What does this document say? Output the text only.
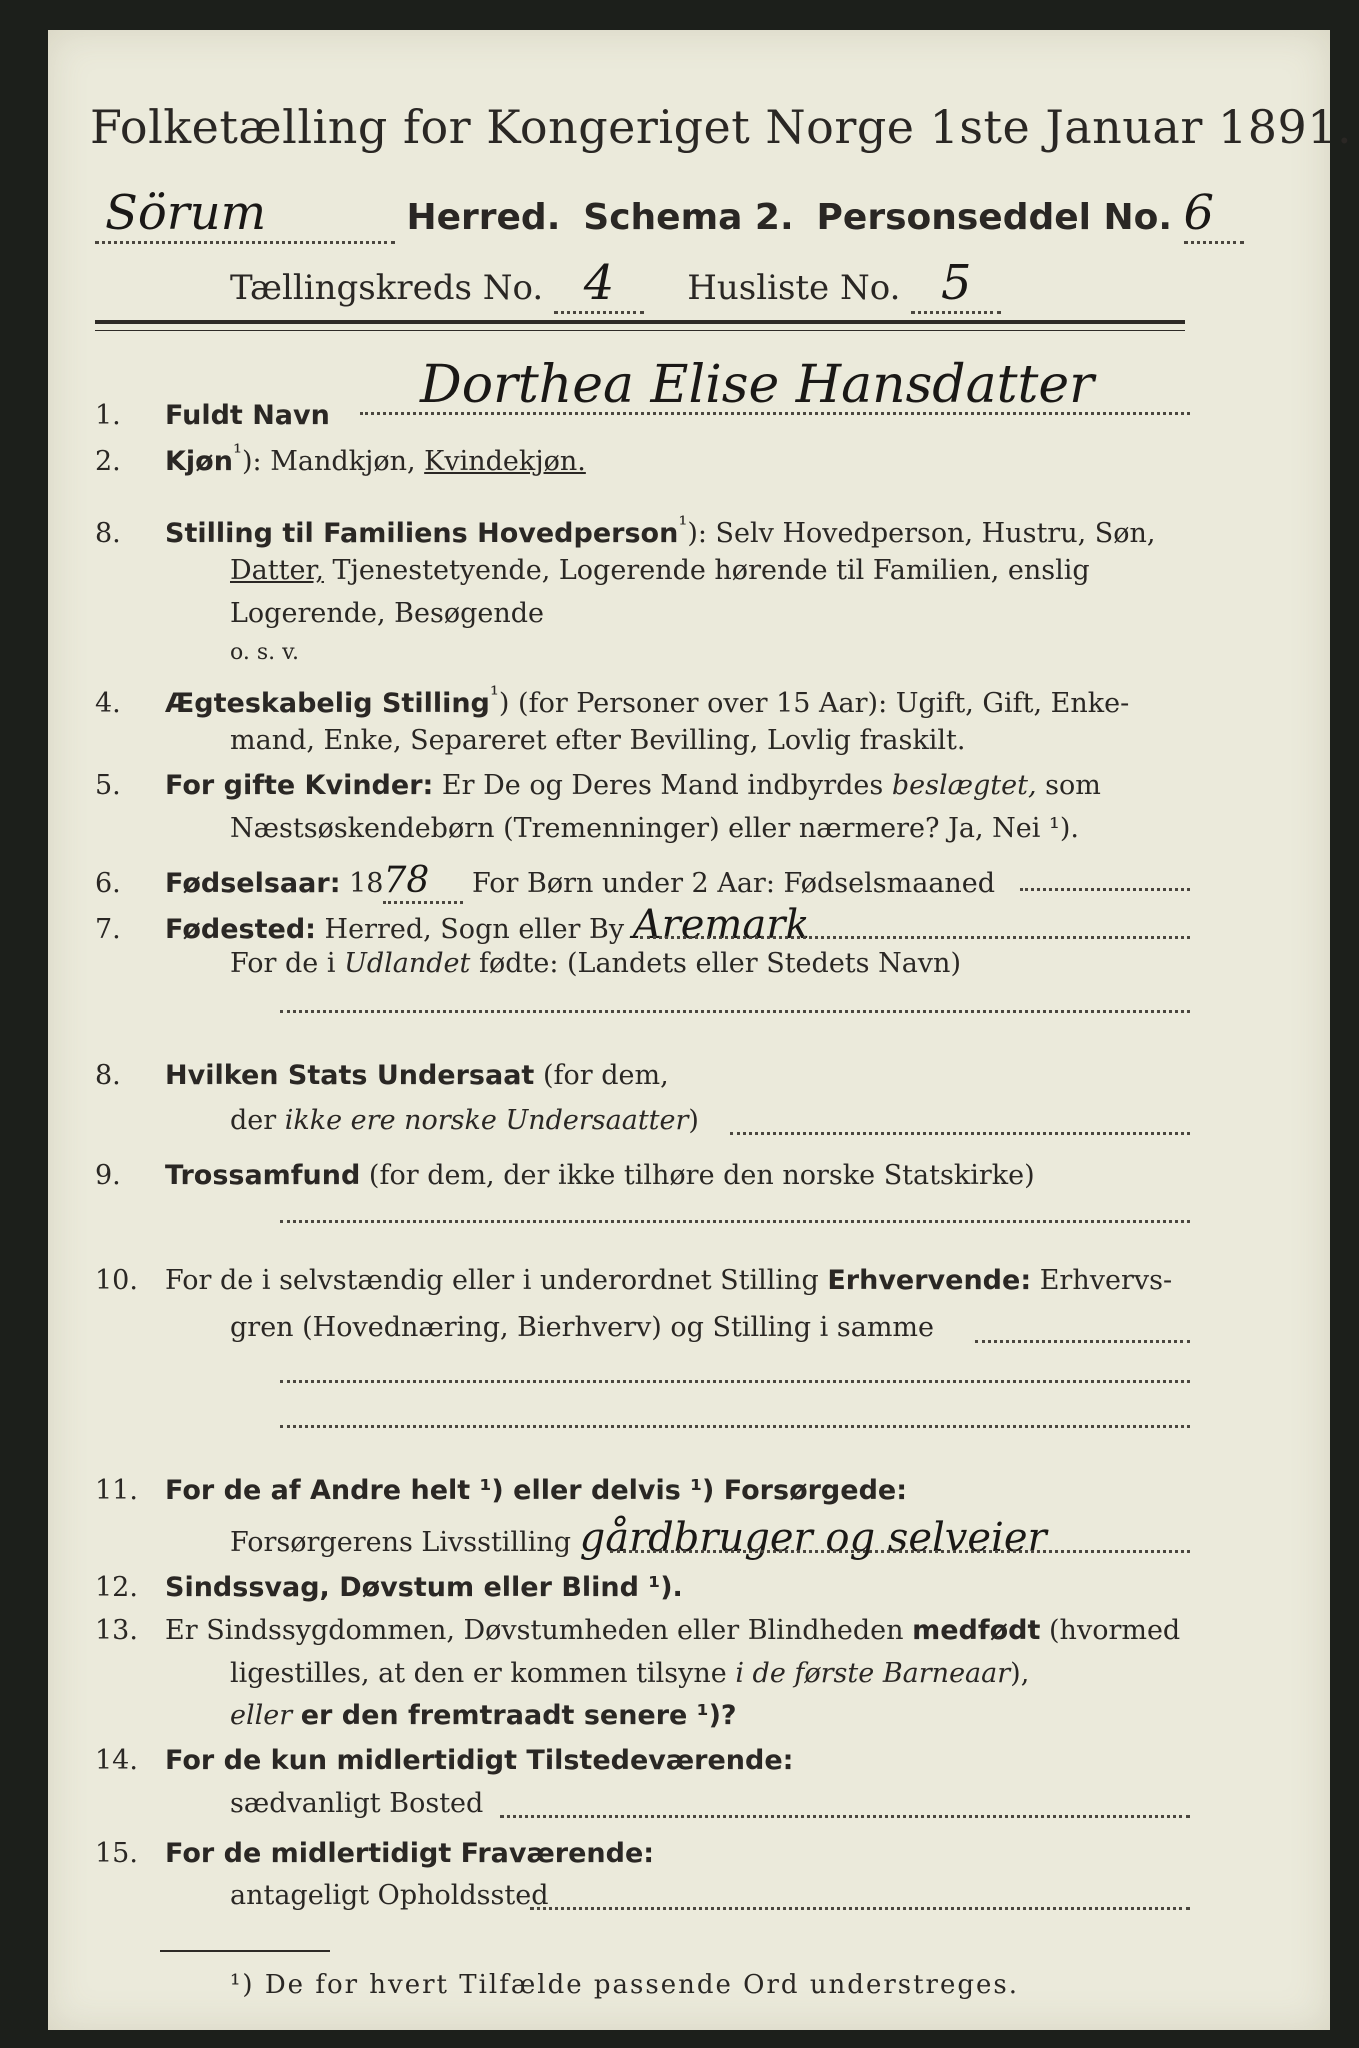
Folketælling for Kongeriget Norge 1ste Januar 1891.
Sörum	Herred. Schema 2. Personseddel No. 6
Tællingskreds No. 4 Husliste No. 5
1. Fuldt Navn
Dorthea Elise Hansdatter
2. Kjøn$^{^1}$): Mandkjøn, Kvindekjøn.
8. Stilling til Familiens Hovedperson$^{^1}$): Selv Hovedperson, Hustru, Søn,
Datter, Tjenestetyende, Logerende hørende til Familien, enslig
Logerende, Besøgende
o. s. v.
4. Ægteskabelig Stilling$^{^1}$) (for Personer over 15 Aar): Ugift, Gift, Enke-
mand, Enke, Separeret efter Bevilling, Lovlig fraskilt.
5. For gifte Kvinder: Er De og Deres Mand indbyrdes beslægtet, som
Næstsøskendebørn (Tremenninger) eller nærmere? Ja, Nei ¹).
6. Fødselsaar: 1878 For Børn under 2 Aar: Fødselsmaaned
7. Fødested: Herred, Sogn eller By Aremark
For de i Udlandet fødte: (Landets eller Stedets Navn)
8. Hvilken Stats Undersaat (for dem,
der ikke ere norske Undersaatter)
9. Trossamfund (for dem, der ikke tilhøre den norske Statskirke)
10. For de i selvstændig eller i underordnet Stilling Erhvervende: Erhvervs-
gren (Hovednæring, Bierhverv) og Stilling i samme
11. For de af Andre helt ¹) eller delvis ¹) Forsørgede:
Forsørgerens Livsstilling gårdbruger og selveier
12. Sindssvag, Døvstum eller Blind ¹).
13. Er Sindssygdommen, Døvstumheden eller Blindheden medfødt (hvormed
ligestilles, at den er kommen tilsyne i de første Barneaar),
eller er den fremtraadt senere ¹)?
14. For de kun midlertidigt Tilstedeværende:
sædvanligt Bosted
15. For de midlertidigt Fraværende:
antageligt Opholdssted
¹) De for hvert Tilfælde passende Ord understreges.
